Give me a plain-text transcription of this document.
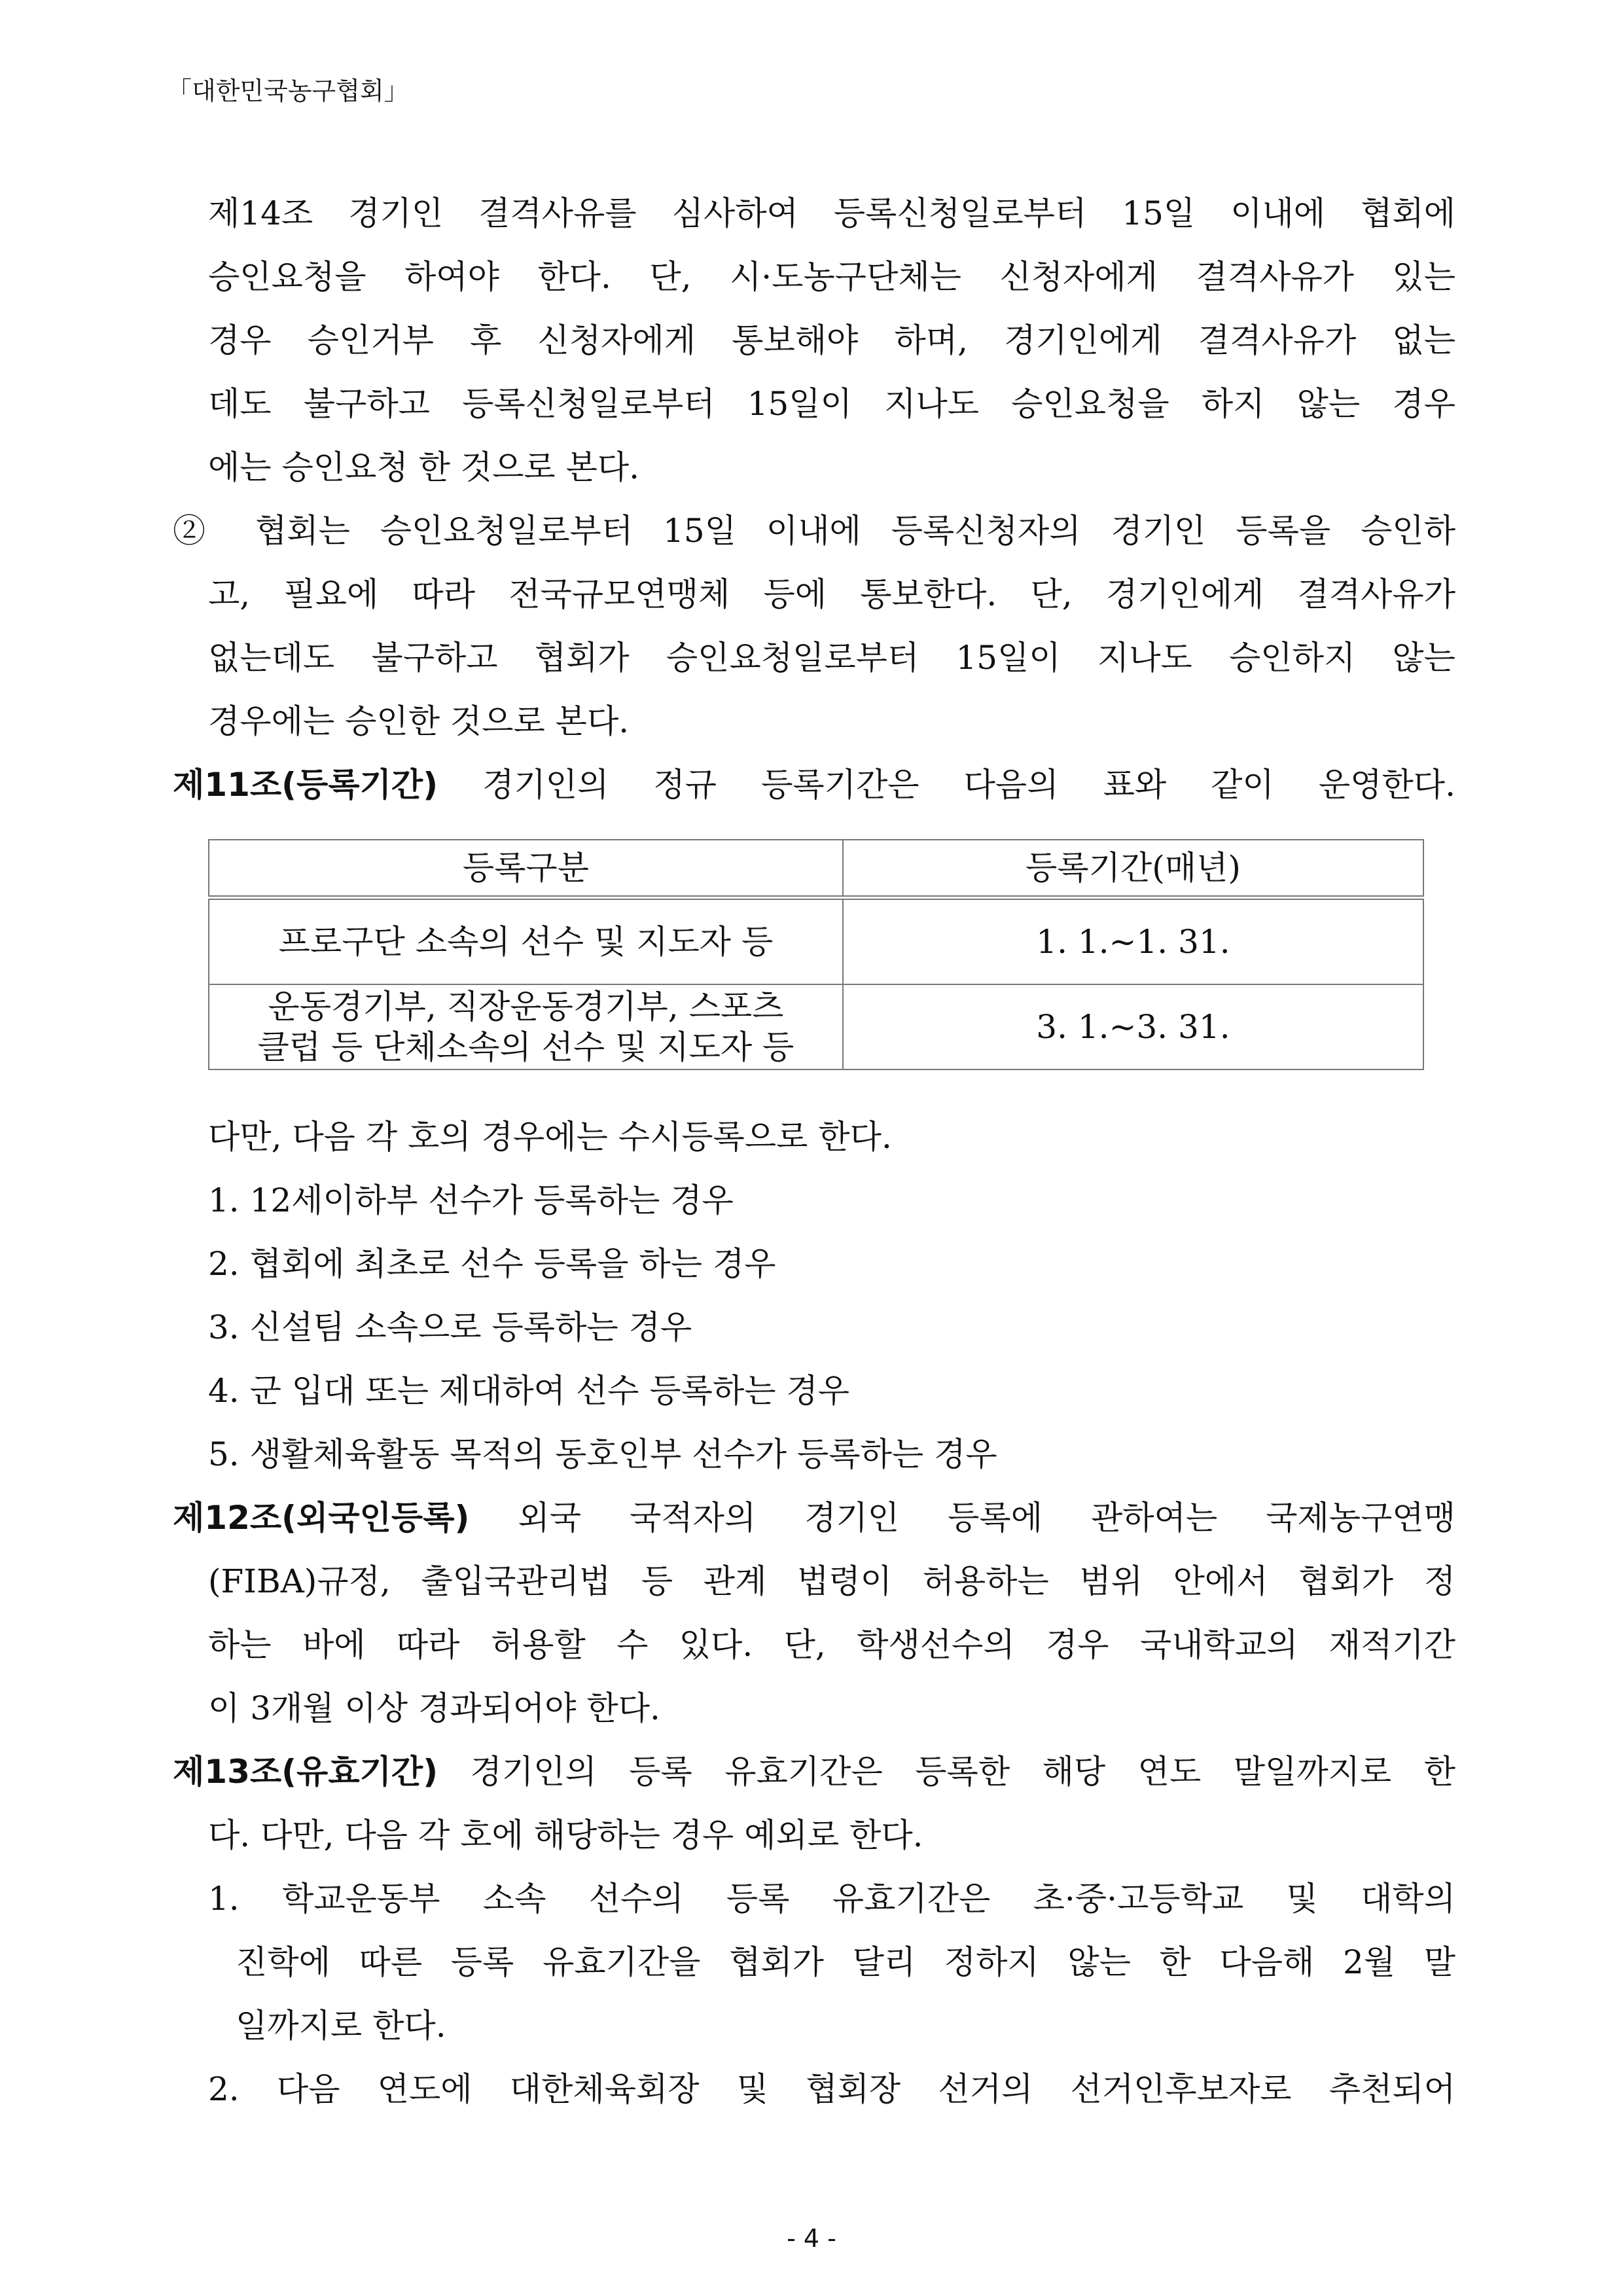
「대한민국농구협회」
제14조 경기인 결격사유를 심사하여 등록신청일로부터 15일 이내에 협회에
승인요청을 하여야 한다. 단, 시·도농구단체는 신청자에게 결격사유가 있는
경우 승인거부 후 신청자에게 통보해야 하며, 경기인에게 결격사유가 없는
데도 불구하고 등록신청일로부터 15일이 지나도 승인요청을 하지 않는 경우
에는 승인요청 한 것으로 본다.
② 협회는 승인요청일로부터 15일 이내에 등록신청자의 경기인 등록을 승인하
고, 필요에 따라 전국규모연맹체 등에 통보한다. 단, 경기인에게 결격사유가
없는데도 불구하고 협회가 승인요청일로부터 15일이 지나도 승인하지 않는
경우에는 승인한 것으로 본다.
제11조(등록기간) 경기인의 정규 등록기간은 다음의 표와 같이 운영한다.
다만, 다음 각 호의 경우에는 수시등록으로 한다.
1. 12세이하부 선수가 등록하는 경우
2. 협회에 최초로 선수 등록을 하는 경우
3. 신설팀 소속으로 등록하는 경우
4. 군 입대 또는 제대하여 선수 등록하는 경우
5. 생활체육활동 목적의 동호인부 선수가 등록하는 경우
제12조(외국인등록) 외국 국적자의 경기인 등록에 관하여는 국제농구연맹
(FIBA)규정, 출입국관리법 등 관계 법령이 허용하는 범위 안에서 협회가 정
하는 바에 따라 허용할 수 있다. 단, 학생선수의 경우 국내학교의 재적기간
이 3개월 이상 경과되어야 한다.
제13조(유효기간) 경기인의 등록 유효기간은 등록한 해당 연도 말일까지로 한
다. 다만, 다음 각 호에 해당하는 경우 예외로 한다.
1. 학교운동부 소속 선수의 등록 유효기간은 초·중·고등학교 및 대학의
진학에 따른 등록 유효기간을 협회가 달리 정하지 않는 한 다음해 2월 말
일까지로 한다.
2. 다음 연도에 대한체육회장 및 협회장 선거의 선거인후보자로 추천되어
등록구분	등록기간(매년)
프로구단 소속의 선수 및 지도자 등	1. 1.~1. 31.
운동경기부, 직장운동경기부, 스포츠
클럽 등 단체소속의 선수 및 지도자 등	3. 1.~3. 31.
- 4 -
